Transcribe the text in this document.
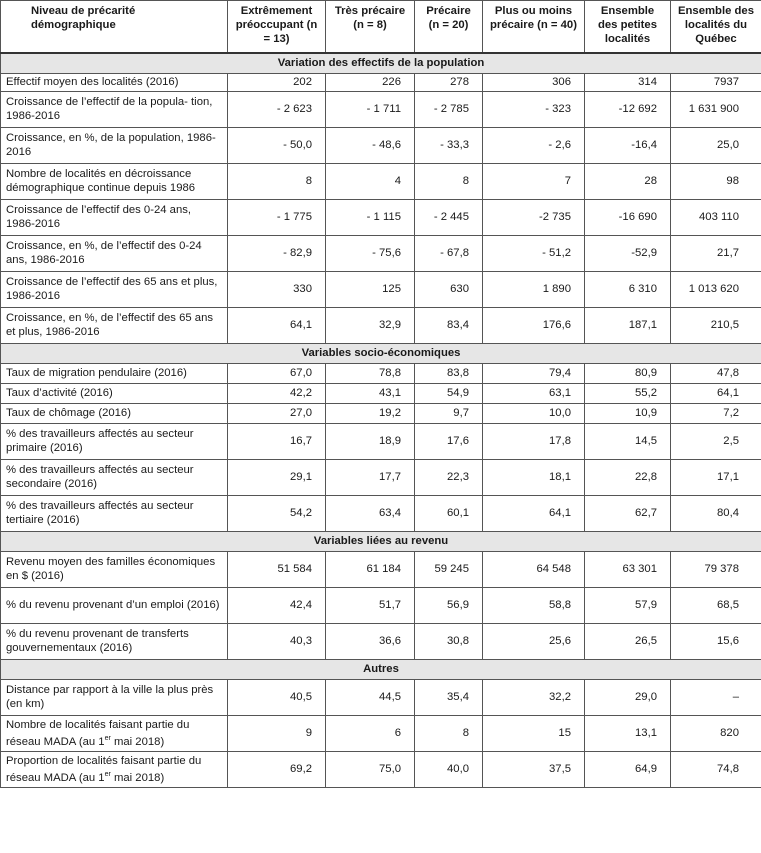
Niveau de précarité démographique	Extrêmement préoccupant (n = 13)	Très précaire (n = 8)	Précaire (n = 20)	Plus ou moins précaire (n = 40)	Ensemble des petites localités	Ensemble des localités du Québec
Variation des effectifs de la population						
Effectif moyen des localités (2016)	202	226	278	306	314	7937
Croissance de l’effectif de la popula- tion, 1986-2016	- 2 623	- 1 711	- 2 785	- 323	-12 692	1 631 900
Croissance, en %, de la population, 1986-2016	- 50,0	- 48,6	- 33,3	- 2,6	-16,4	25,0
Nombre de localités en décroissance démographique continue depuis 1986	8	4	8	7	28	98
Croissance de l’effectif des 0-24 ans, 1986-2016	- 1 775	- 1 115	- 2 445	-2 735	-16 690	403 110
Croissance, en %, de l’effectif des 0-24 ans, 1986-2016	- 82,9	- 75,6	- 67,8	- 51,2	-52,9	21,7
Croissance de l’effectif des 65 ans et plus, 1986-2016	330	125	630	1 890	6 310	1 013 620
Croissance, en %, de l’effectif des 65 ans et plus, 1986-2016	64,1	32,9	83,4	176,6	187,1	210,5
Variables socio-économiques						
Taux de migration pendulaire (2016)	67,0	78,8	83,8	79,4	80,9	47,8
Taux d’activité (2016)	42,2	43,1	54,9	63,1	55,2	64,1
Taux de chômage (2016)	27,0	19,2	9,7	10,0	10,9	7,2
% des travailleurs affectés au secteur primaire (2016)	16,7	18,9	17,6	17,8	14,5	2,5
% des travailleurs affectés au secteur secondaire (2016)	29,1	17,7	22,3	18,1	22,8	17,1
% des travailleurs affectés au secteur tertiaire (2016)	54,2	63,4	60,1	64,1	62,7	80,4
Variables liées au revenu						
Revenu moyen des familles économiques en $ (2016)	51 584	61 184	59 245	64 548	63 301	79 378
% du revenu provenant d’un emploi (2016)	42,4	51,7	56,9	58,8	57,9	68,5
% du revenu provenant de transferts gouvernementaux (2016)	40,3	36,6	30,8	25,6	26,5	15,6
Autres						
Distance par rapport à la ville la plus près (en km)	40,5	44,5	35,4	32,2	29,0	–
Nombre de localités faisant partie du réseau MADA (au 1er mai 2018)	9	6	8	15	13,1	820
Proportion de localités faisant partie du réseau MADA (au 1er mai 2018)	69,2	75,0	40,0	37,5	64,9	74,8
